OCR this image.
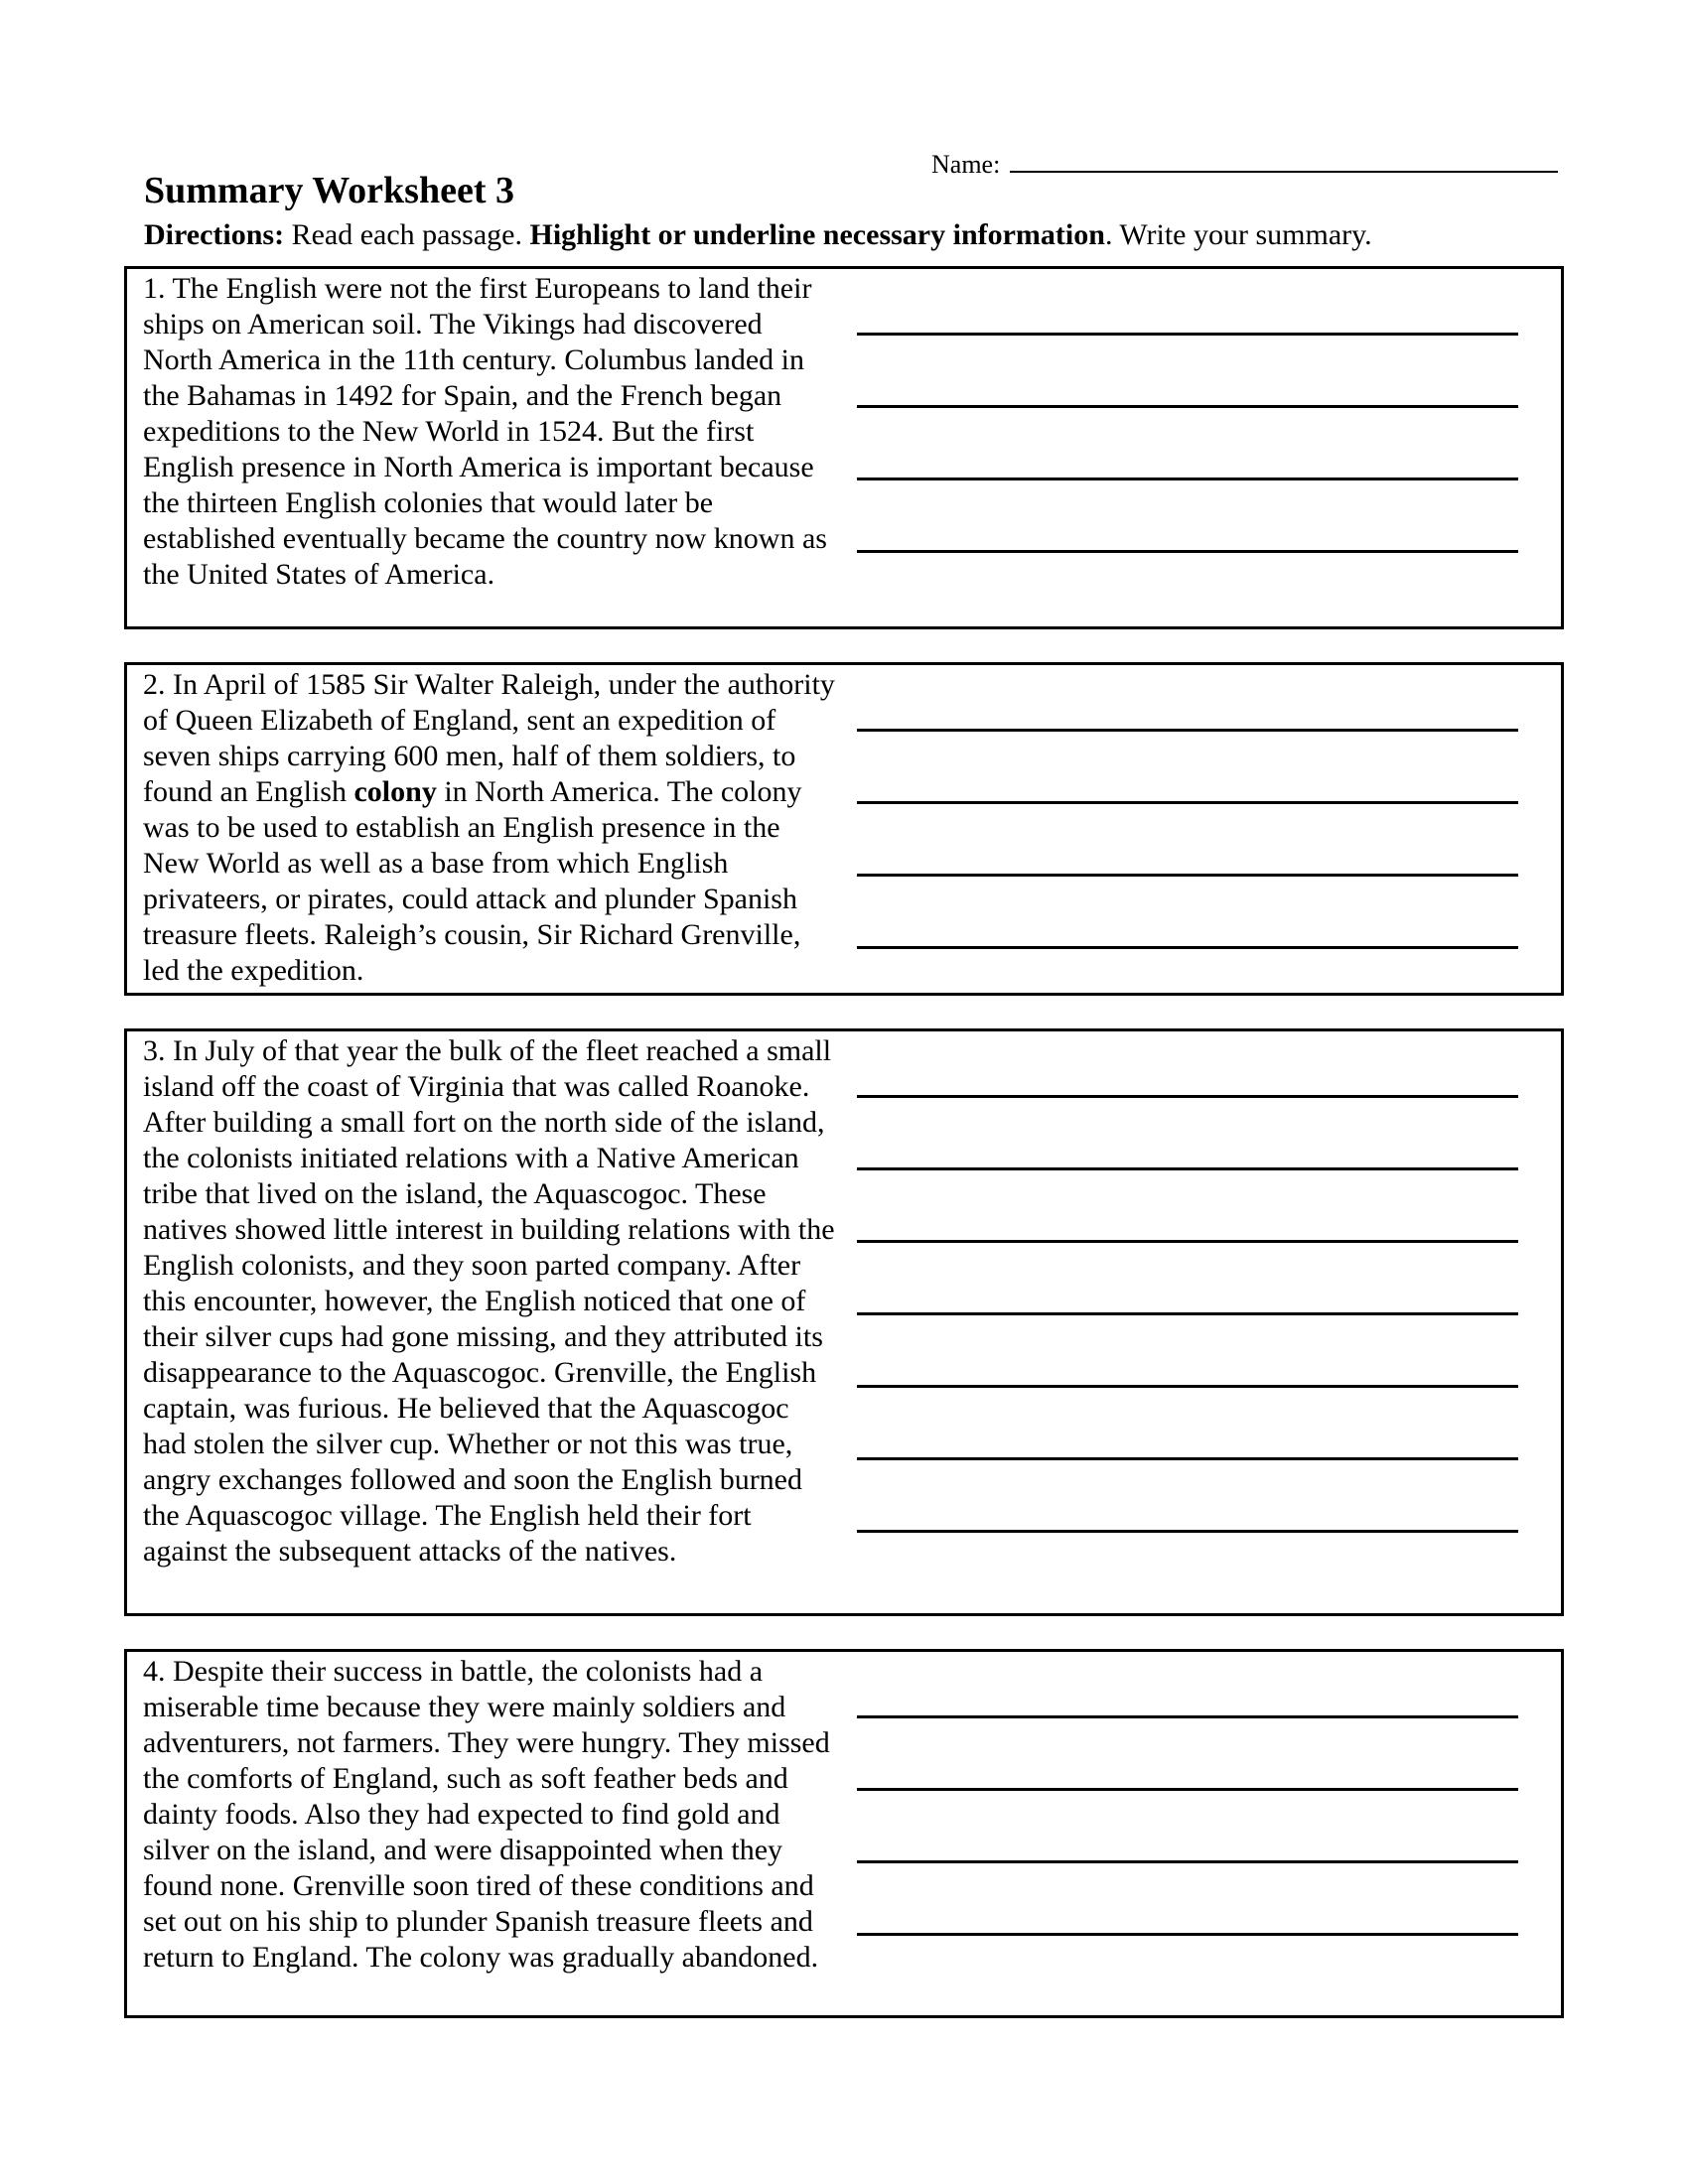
Name:
Summary Worksheet 3
Directions: Read each passage. Highlight or underline necessary information. Write your summary.

1. The English were not the first Europeans to land their ships on American soil. The Vikings had discovered North America in the 11th century. Columbus landed in the Bahamas in 1492 for Spain, and the French began expeditions to the New World in 1524. But the first English presence in North America is important because the thirteen English colonies that would later be established eventually became the country now known as the United States of America.

2. In April of 1585 Sir Walter Raleigh, under the authority of Queen Elizabeth of England, sent an expedition of seven ships carrying 600 men, half of them soldiers, to found an English colony in North America. The colony was to be used to establish an English presence in the New World as well as a base from which English privateers, or pirates, could attack and plunder Spanish treasure fleets. Raleigh’s cousin, Sir Richard Grenville, led the expedition.

3. In July of that year the bulk of the fleet reached a small island off the coast of Virginia that was called Roanoke. After building a small fort on the north side of the island, the colonists initiated relations with a Native American tribe that lived on the island, the Aquascogoc. These natives showed little interest in building relations with the English colonists, and they soon parted company. After this encounter, however, the English noticed that one of their silver cups had gone missing, and they attributed its disappearance to the Aquascogoc. Grenville, the English captain, was furious. He believed that the Aquascogoc had stolen the silver cup. Whether or not this was true, angry exchanges followed and soon the English burned the Aquascogoc village. The English held their fort against the subsequent attacks of the natives.

4. Despite their success in battle, the colonists had a miserable time because they were mainly soldiers and adventurers, not farmers. They were hungry. They missed the comforts of England, such as soft feather beds and dainty foods. Also they had expected to find gold and silver on the island, and were disappointed when they found none. Grenville soon tired of these conditions and set out on his ship to plunder Spanish treasure fleets and return to England. The colony was gradually abandoned.
